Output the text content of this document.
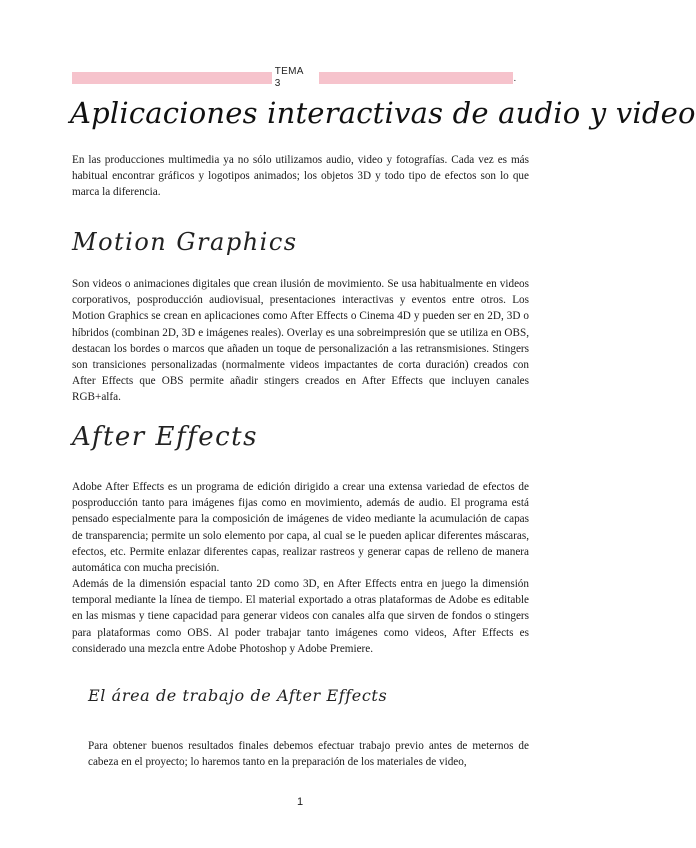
TEMA 3	.
Aplicaciones interactivas de audio y video

En las producciones multimedia ya no sólo utilizamos audio, video y fotografías. Cada vez es más habitual encontrar gráficos y logotipos animados; los objetos 3D y todo tipo de efectos son lo que marca la diferencia.

Motion Graphics

Son videos o animaciones digitales que crean ilusión de movimiento. Se usa habitualmente en videos corporativos, posproducción audiovisual, presentaciones interactivas y eventos entre otros. Los Motion Graphics se crean en aplicaciones como After Effects o Cinema 4D y pueden ser en 2D, 3D o híbridos (combinan 2D, 3D e imágenes reales). Overlay es una sobreimpresión que se utiliza en OBS, destacan los bordes o marcos que añaden un toque de personalización a las retransmisiones. Stingers son transiciones personalizadas (normalmente videos impactantes de corta duración) creados con After Effects que OBS permite añadir stingers creados en After Effects que incluyen canales RGB+alfa.

After Effects

Adobe After Effects es un programa de edición dirigido a crear una extensa variedad de efectos de posproducción tanto para imágenes fijas como en movimiento, además de audio. El programa está pensado especialmente para la composición de imágenes de video mediante la acumulación de capas de transparencia; permite un solo elemento por capa, al cual se le pueden aplicar diferentes máscaras, efectos, etc. Permite enlazar diferentes capas, realizar rastreos y generar capas de relleno de manera automática con mucha precisión.

Además de la dimensión espacial tanto 2D como 3D, en After Effects entra en juego la dimensión temporal mediante la línea de tiempo. El material exportado a otras plataformas de Adobe es editable en las mismas y tiene capacidad para generar videos con canales alfa que sirven de fondos o stingers para plataformas como OBS. Al poder trabajar tanto imágenes como videos, After Effects es considerado una mezcla entre Adobe Photoshop y Adobe Premiere.

El área de trabajo de After Effects

Para obtener buenos resultados finales debemos efectuar trabajo previo antes de meternos de cabeza en el proyecto; lo haremos tanto en la preparación de los materiales de video,

1
